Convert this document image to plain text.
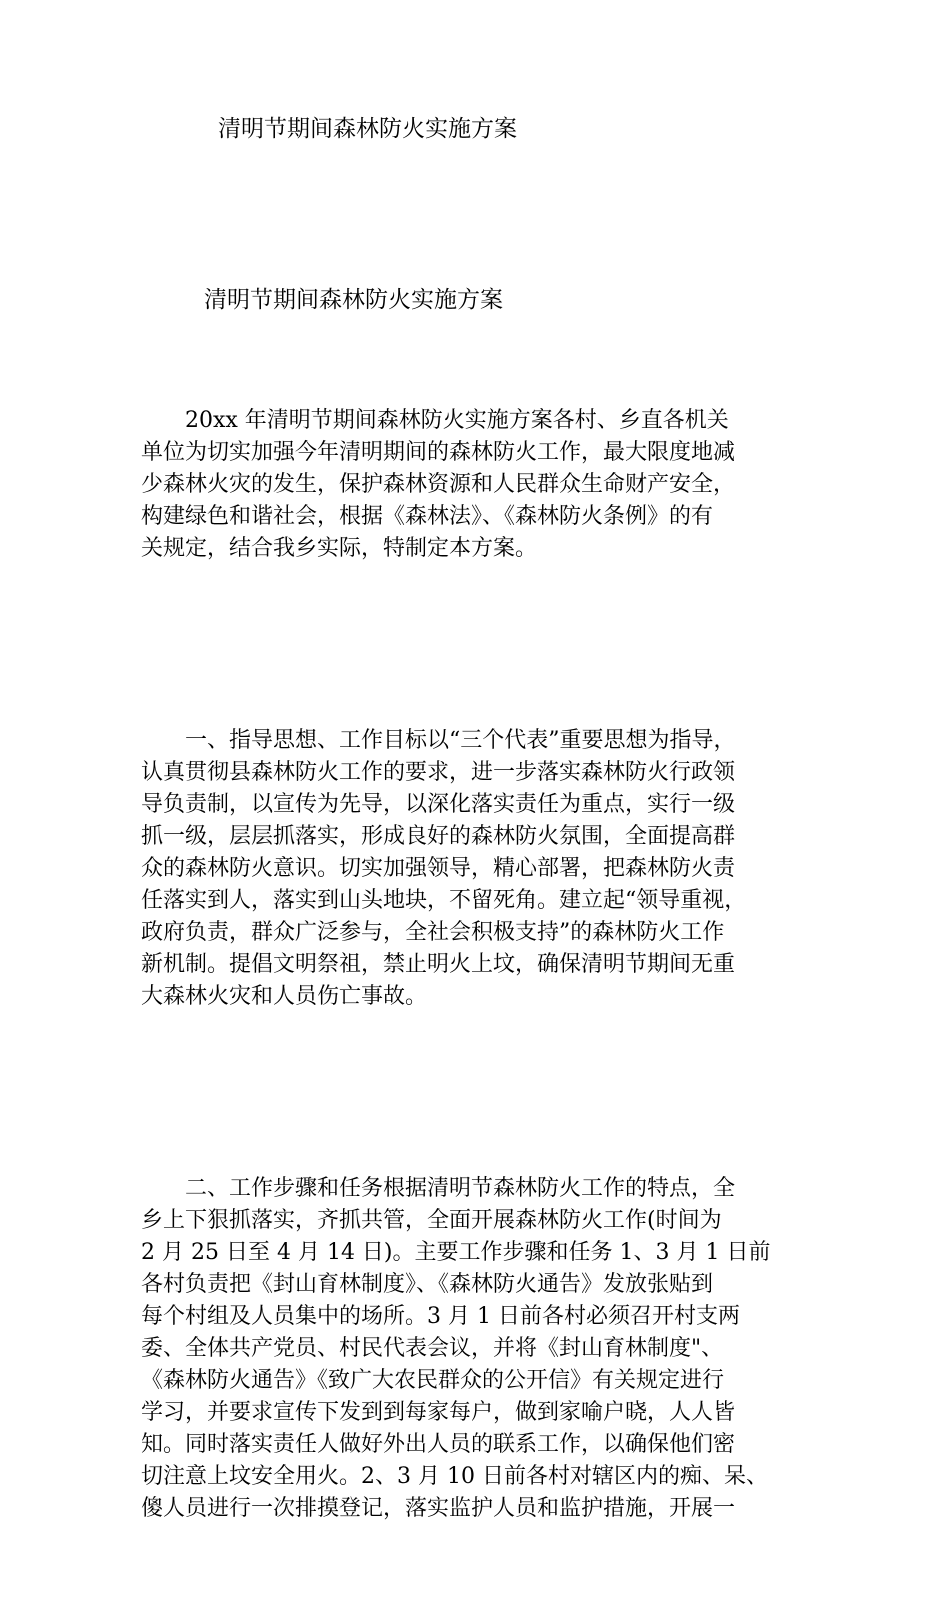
清明节期间森林防火实施方案
清明节期间森林防火实施方案

20xx 年清明节期间森林防火实施方案各村、乡直各机关
单位为切实加强今年清明期间的森林防火工作，最大限度地减
少森林火灾的发生，保护森林资源和人民群众生命财产安全，
构建绿色和谐社会，根据《森林法》、《森林防火条例》的有
关规定，结合我乡实际，特制定本方案。

一、指导思想、工作目标以“三个代表”重要思想为指导，
认真贯彻县森林防火工作的要求，进一步落实森林防火行政领
导负责制，以宣传为先导，以深化落实责任为重点，实行一级
抓一级，层层抓落实，形成良好的森林防火氛围，全面提高群
众的森林防火意识。切实加强领导，精心部署，把森林防火责
任落实到人，落实到山头地块，不留死角。建立起“领导重视，
政府负责，群众广泛参与，全社会积极支持”的森林防火工作
新机制。提倡文明祭祖，禁止明火上坟，确保清明节期间无重
大森林火灾和人员伤亡事故。

二、工作步骤和任务根据清明节森林防火工作的特点，全
乡上下狠抓落实，齐抓共管，全面开展森林防火工作(时间为
2 月 25 日至 4 月 14 日)。主要工作步骤和任务 1、3 月 1 日前
各村负责把《封山育林制度》、《森林防火通告》发放张贴到
每个村组及人员集中的场所。3 月 1 日前各村必须召开村支两
委、全体共产党员、村民代表会议，并将《封山育林制度"、
《森林防火通告》《致广大农民群众的公开信》有关规定进行
学习，并要求宣传下发到到每家每户，做到家喻户晓，人人皆
知。同时落实责任人做好外出人员的联系工作，以确保他们密
切注意上坟安全用火。2、3 月 10 日前各村对辖区内的痴、呆、
傻人员进行一次排摸登记，落实监护人员和监护措施，开展一
